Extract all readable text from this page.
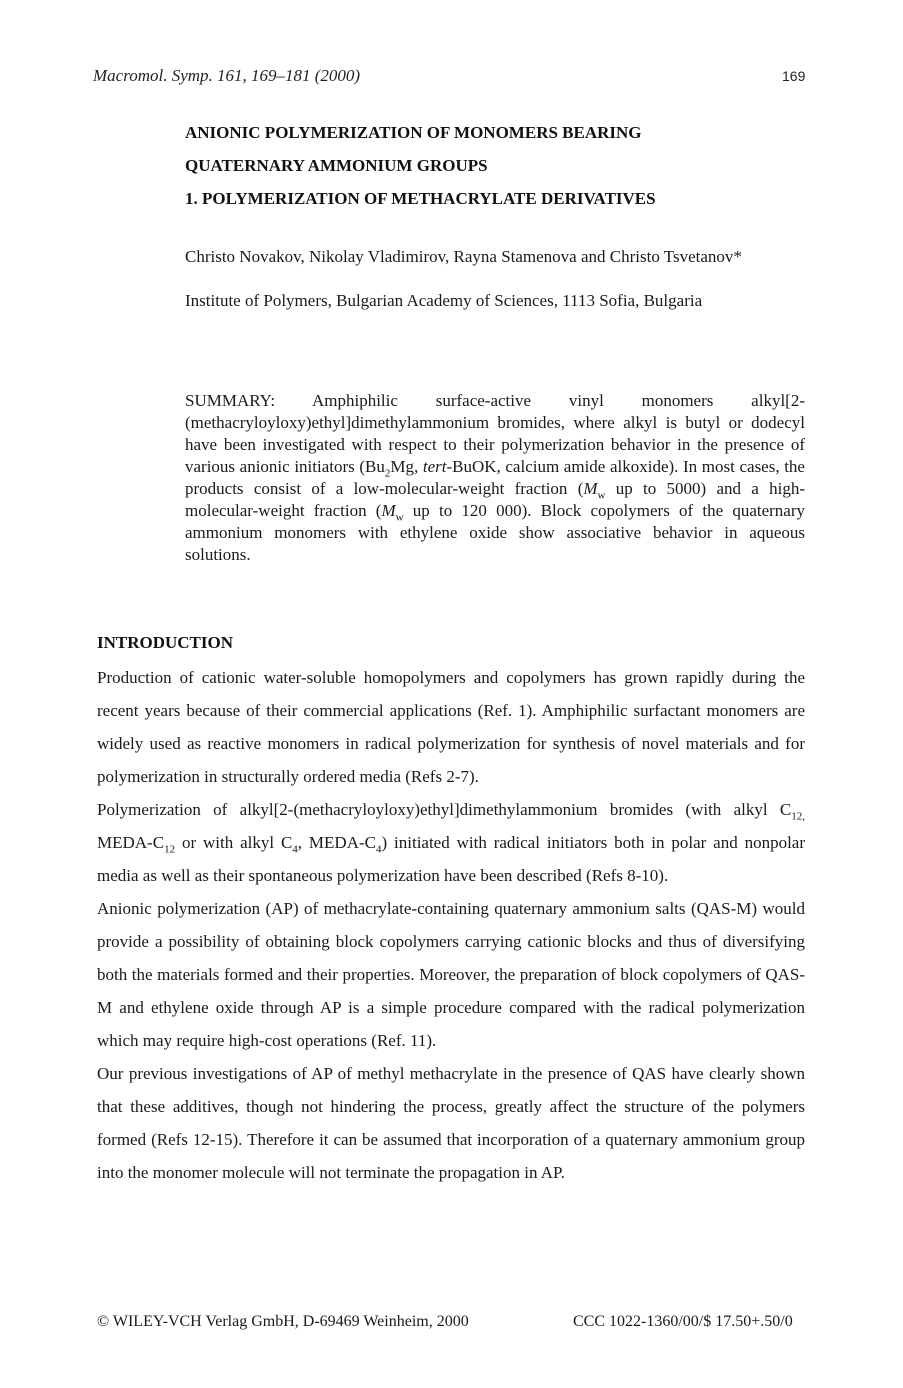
Macromol. Symp. 161, 169–181 (2000)	169
ANIONIC POLYMERIZATION OF MONOMERS BEARING
QUATERNARY AMMONIUM GROUPS
1. POLYMERIZATION OF METHACRYLATE DERIVATIVES
Christo Novakov, Nikolay Vladimirov, Rayna Stamenova and Christo Tsvetanov*
Institute of Polymers, Bulgarian Academy of Sciences, 1113 Sofia, Bulgaria
SUMMARY: Amphiphilic surface-active vinyl monomers alkyl[2-(methacryloyloxy)ethyl]dimethylammonium bromides, where alkyl is butyl or dodecyl have been investigated with respect to their polymerization behavior in the presence of various anionic initiators ($Bu_2Mg$, tert-BuOK, calcium amide alkoxide). In most cases, the products consist of a low-molecular-weight fraction ($M_w$ up to 5000) and a high-molecular-weight fraction ($M_w$ up to 120 000). Block copolymers of the quaternary ammonium monomers with ethylene oxide show associative behavior in aqueous solutions.
INTRODUCTION

Production of cationic water-soluble homopolymers and copolymers has grown rapidly during the recent years because of their commercial applications (Ref. 1). Amphiphilic surfactant monomers are widely used as reactive monomers in radical polymerization for synthesis of novel materials and for polymerization in structurally ordered media (Refs 2-7).

Polymerization of alkyl[2-(methacryloyloxy)ethyl]dimethylammonium bromides (with alkyl $C_{12,}$ MEDA-$C_{12}$ or with alkyl $C_4$, MEDA-$C_4$) initiated with radical initiators both in polar and nonpolar media as well as their spontaneous polymerization have been described (Refs 8-10).

Anionic polymerization (AP) of methacrylate-containing quaternary ammonium salts (QAS-M) would provide a possibility of obtaining block copolymers carrying cationic blocks and thus of diversifying both the materials formed and their properties. Moreover, the preparation of block copolymers of QAS-M and ethylene oxide through AP is a simple procedure compared with the radical polymerization which may require high-cost operations (Ref. 11).

Our previous investigations of AP of methyl methacrylate in the presence of QAS have clearly shown that these additives, though not hindering the process, greatly affect the structure of the polymers formed (Refs 12-15). Therefore it can be assumed that incorporation of a quaternary ammonium group into the monomer molecule will not terminate the propagation in AP.

© WILEY-VCH Verlag GmbH, D-69469 Weinheim, 2000	CCC 1022-1360/00/$ 17.50+.50/0
